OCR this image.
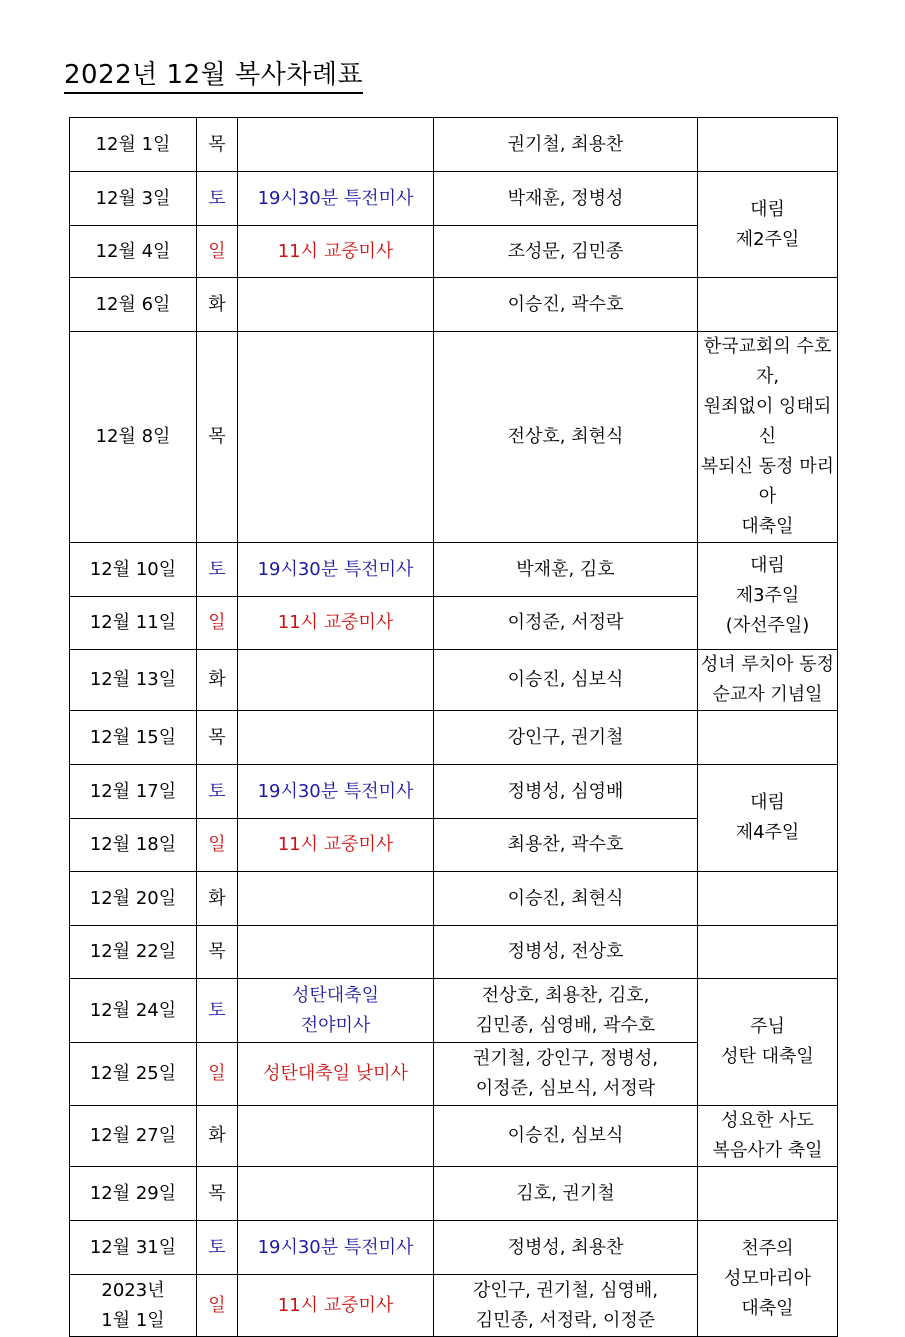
2022년 12월 복사차례표
12월 1일	목		권기철, 최용찬	
12월 3일	토	19시30분 특전미사	박재훈, 정병성	대림
제2주일

12월 4일	일	11시 교중미사	조성문, 김민종	
12월 6일	화		이승진, 곽수호	
12월 8일	목		전상호, 최현식	한국교회의 수호자,
원죄없이 잉태되신
복되신 동정 마리아
대축일

12월 10일	토	19시30분 특전미사	박재훈, 김호	대림
제3주일
(자선주일)

12월 11일	일	11시 교중미사	이정준, 서정락	
12월 13일	화		이승진, 심보식	성녀 루치아 동정
순교자 기념일

12월 15일	목		강인구, 권기철	
12월 17일	토	19시30분 특전미사	정병성, 심영배	대림
제4주일

12월 18일	일	11시 교중미사	최용찬, 곽수호	
12월 20일	화		이승진, 최현식	
12월 22일	목		정병성, 전상호	
12월 24일	토	성탄대축일
전야미사	전상호, 최용찬, 김호,
김민종, 심영배, 곽수호	주님
성탄 대축일

12월 25일	일	성탄대축일 낮미사	권기철, 강인구, 정병성,
이정준, 심보식, 서정락	

12월 27일	화		이승진, 심보식	성요한 사도
복음사가 축일

12월 29일	목		김호, 권기철	
12월 31일	토	19시30분 특전미사	정병성, 최용찬	천주의
성모마리아
대축일

2023년
1월 1일	일	11시 교중미사	강인구, 권기철, 심영배,
김민종, 서정락, 이정준	
